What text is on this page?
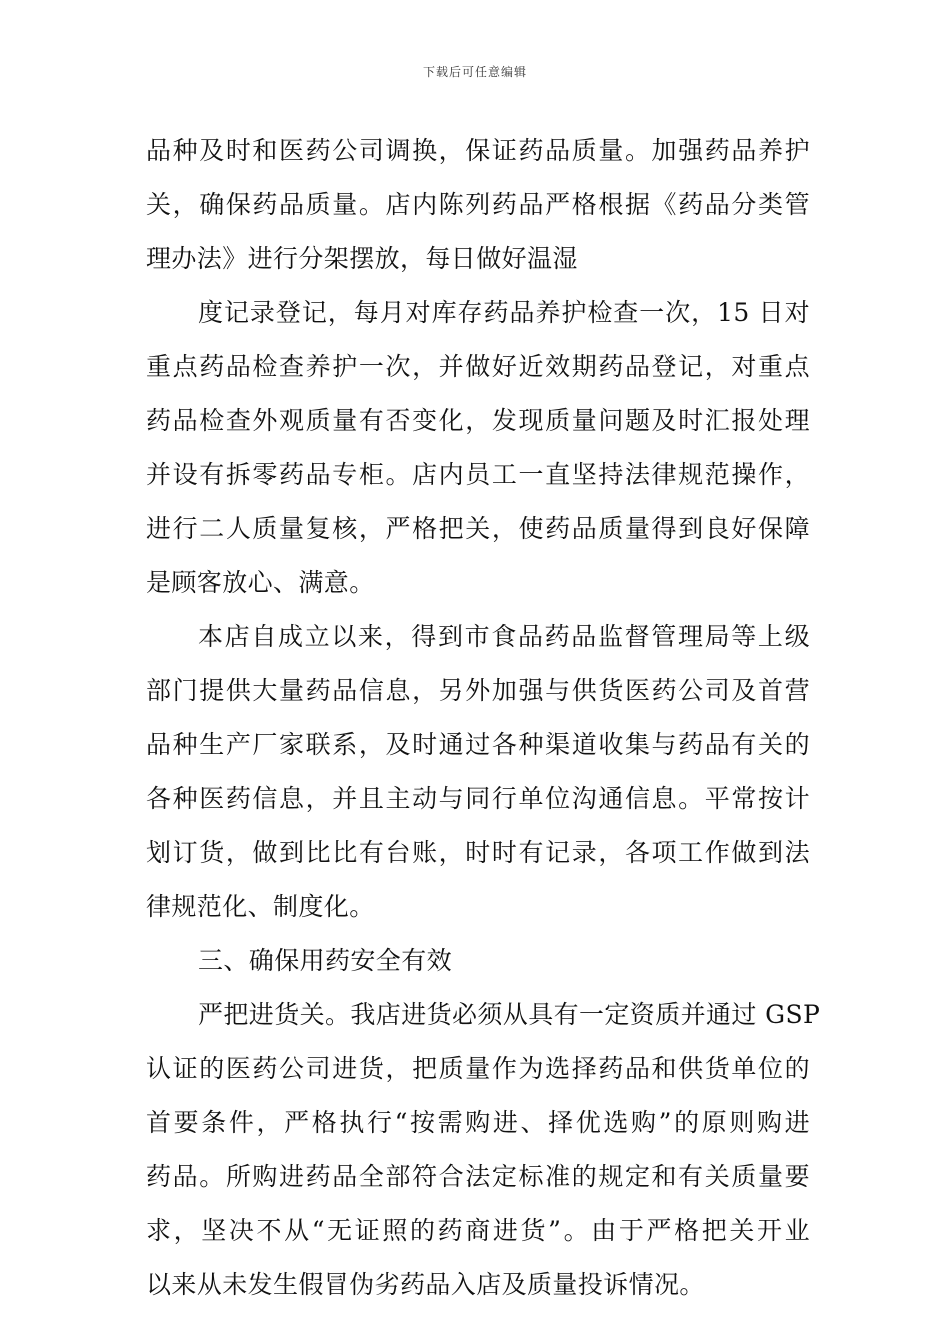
下载后可任意编辑
品种及时和医药公司调换，保证药品质量。加强药品养护
关，确保药品质量。店内陈列药品严格根据《药品分类管
理办法》进行分架摆放，每日做好温湿
度记录登记，每月对库存药品养护检查一次，15 日对
重点药品检查养护一次，并做好近效期药品登记，对重点
药品检查外观质量有否变化，发现质量问题及时汇报处理
并设有拆零药品专柜。店内员工一直坚持法律规范操作，
进行二人质量复核，严格把关，使药品质量得到良好保障
是顾客放心、满意。
本店自成立以来，得到市食品药品监督管理局等上级
部门提供大量药品信息，另外加强与供货医药公司及首营
品种生产厂家联系，及时通过各种渠道收集与药品有关的
各种医药信息，并且主动与同行单位沟通信息。平常按计
划订货，做到比比有台账，时时有记录，各项工作做到法
律规范化、制度化。
三、确保用药安全有效
严把进货关。我店进货必须从具有一定资质并通过 GSP
认证的医药公司进货，把质量作为选择药品和供货单位的
首要条件，严格执行“按需购进、择优选购”的原则购进
药品。所购进药品全部符合法定标准的规定和有关质量要
求，坚决不从“无证照的药商进货”。由于严格把关开业
以来从未发生假冒伪劣药品入店及质量投诉情况。
